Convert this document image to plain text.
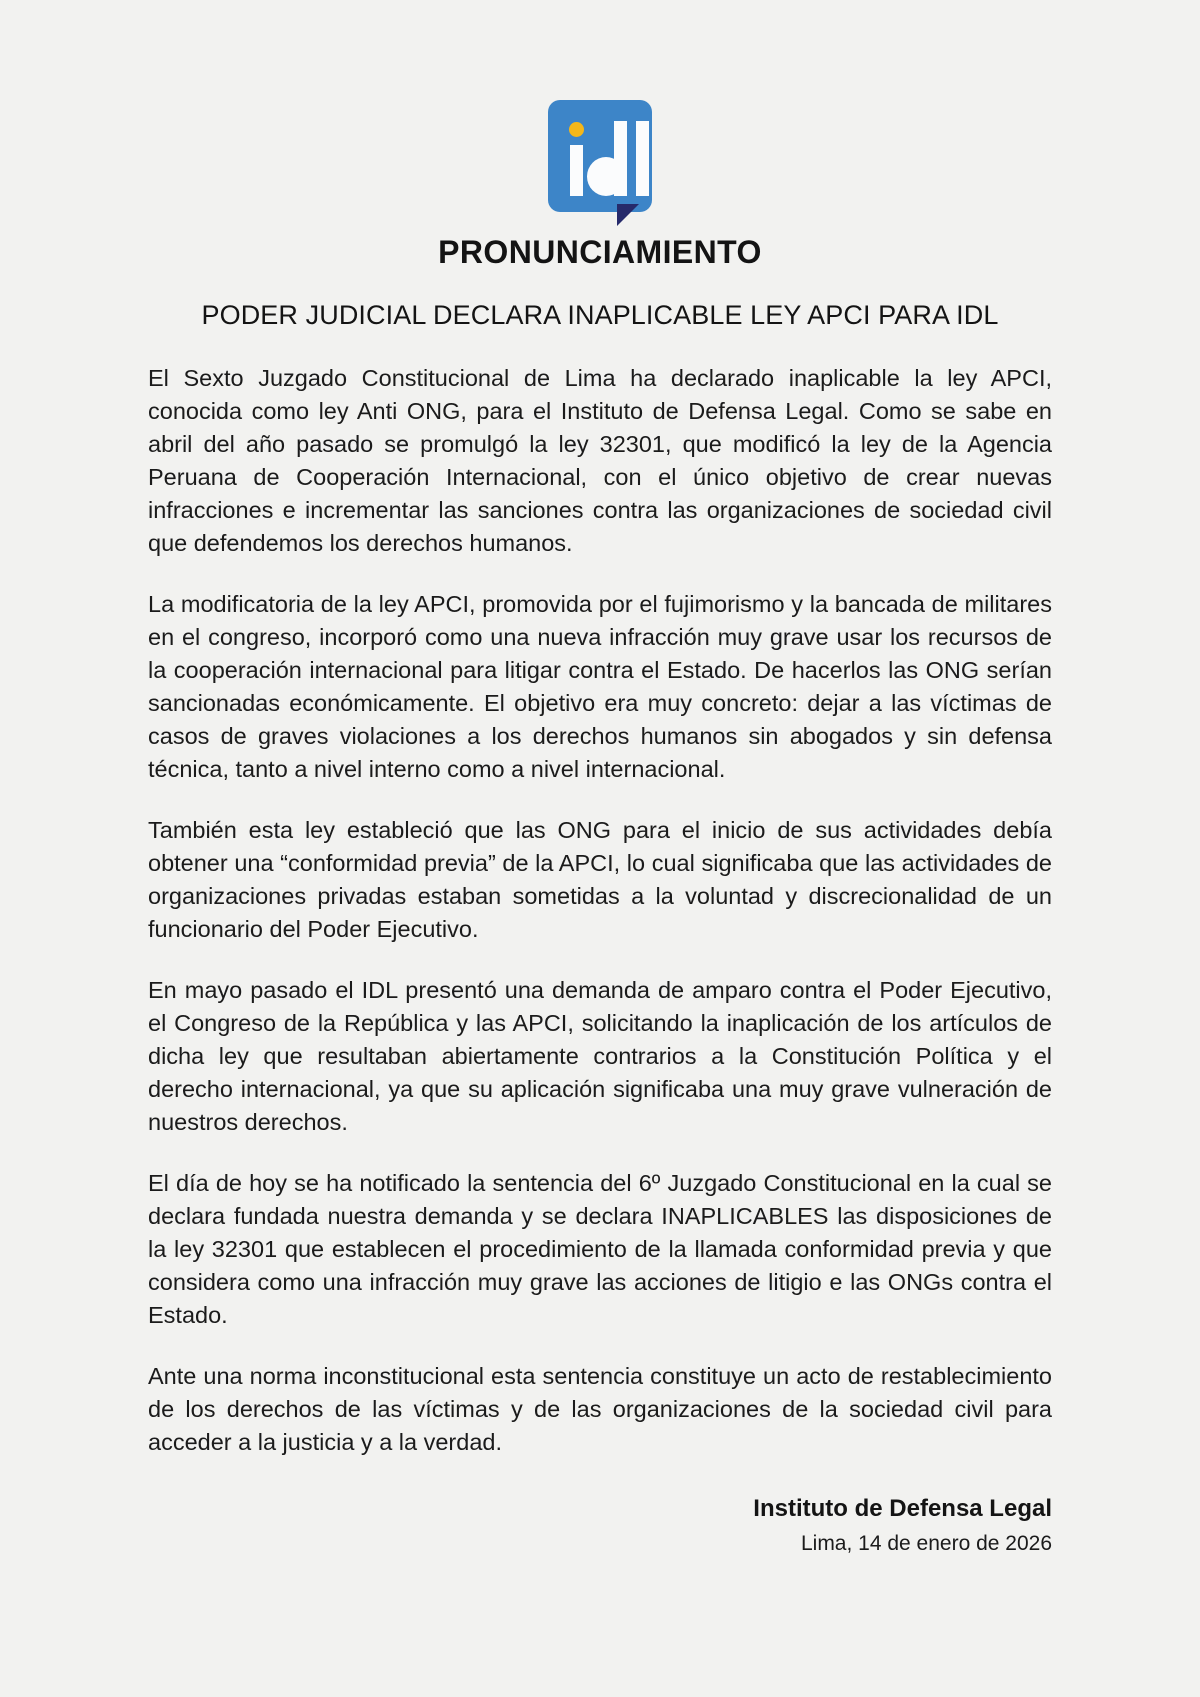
PRONUNCIAMIENTO
PODER JUDICIAL DECLARA INAPLICABLE LEY APCI PARA IDL

El Sexto Juzgado Constitucional de Lima ha declarado inaplicable la ley APCI, conocida como ley Anti ONG, para el Instituto de Defensa Legal. Como se sabe en abril del año pasado se promulgó la ley 32301, que modificó la ley de la Agencia Peruana de Cooperación Internacional, con el único objetivo de crear nuevas infracciones e incrementar las sanciones contra las organizaciones de sociedad civil que defendemos los derechos humanos.

La modificatoria de la ley APCI, promovida por el fujimorismo y la bancada de militares en el congreso, incorporó como una nueva infracción muy grave usar los recursos de la cooperación internacional para litigar contra el Estado. De hacerlos las ONG serían sancionadas económicamente. El objetivo era muy concreto: dejar a las víctimas de casos de graves violaciones a los derechos humanos sin abogados y sin defensa técnica, tanto a nivel interno como a nivel internacional.

También esta ley estableció que las ONG para el inicio de sus actividades debía obtener una “conformidad previa” de la APCI, lo cual significaba que las actividades de organizaciones privadas estaban sometidas a la voluntad y discrecionalidad de un funcionario del Poder Ejecutivo.

En mayo pasado el IDL presentó una demanda de amparo contra el Poder Ejecutivo, el Congreso de la República y las APCI, solicitando la inaplicación de los artículos de dicha ley que resultaban abiertamente contrarios a la Constitución Política y el derecho internacional, ya que su aplicación significaba una muy grave vulneración de nuestros derechos.

El día de hoy se ha notificado la sentencia del 6º Juzgado Constitucional en la cual se declara fundada nuestra demanda y se declara INAPLICABLES las disposiciones de la ley 32301 que establecen el procedimiento de la llamada conformidad previa y que considera como una infracción muy grave las acciones de litigio e las ONGs contra el Estado.

Ante una norma inconstitucional esta sentencia constituye un acto de restablecimiento de los derechos de las víctimas y de las organizaciones de la sociedad civil para acceder a la justicia y a la verdad.

Instituto de Defensa Legal
Lima, 14 de enero de 2026
